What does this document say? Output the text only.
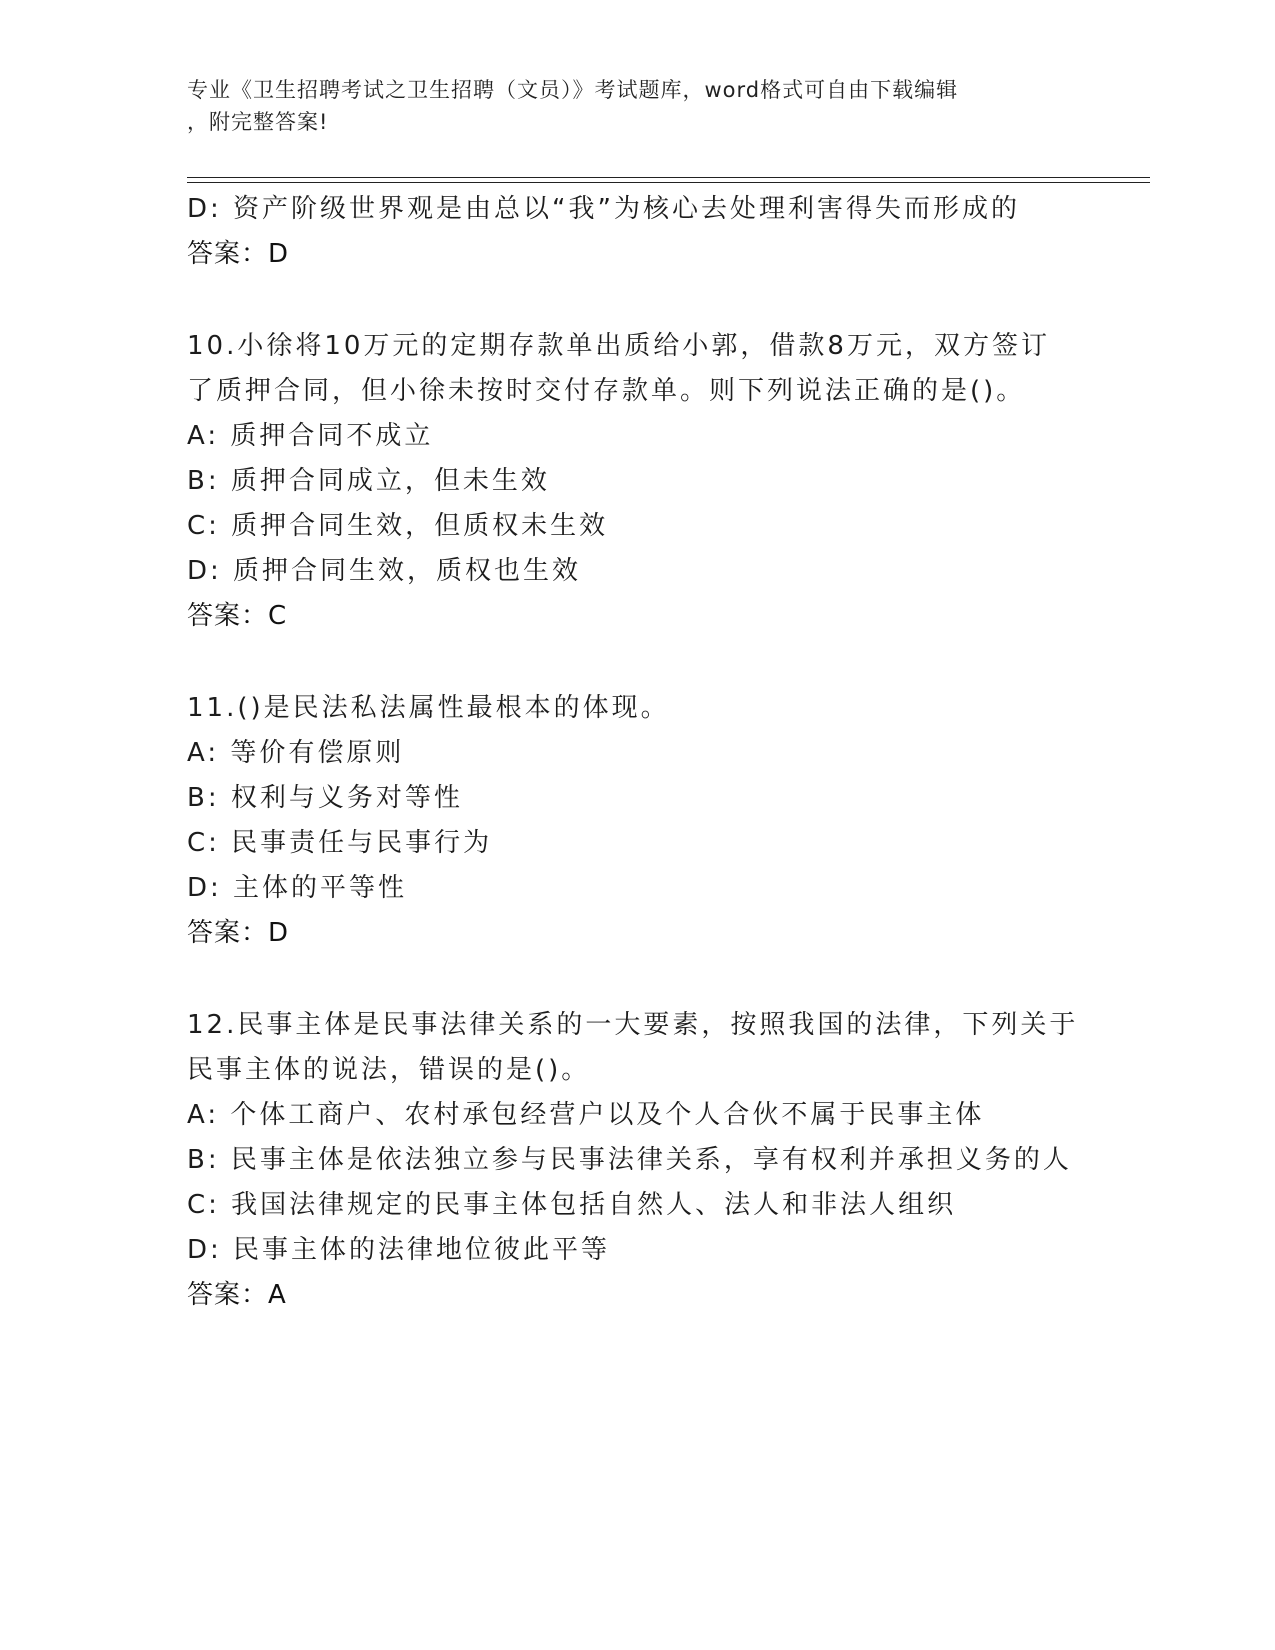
专业《卫生招聘考试之卫生招聘（文员）》考试题库，word格式可自由下载编辑
，附完整答案!
D: 资产阶级世界观是由总以“我”为核心去处理利害得失而形成的
答案：D
10.小徐将10万元的定期存款单出质给小郭，借款8万元，双方签订
了质押合同，但小徐未按时交付存款单。则下列说法正确的是()。
A: 质押合同不成立
B: 质押合同成立，但未生效
C: 质押合同生效，但质权未生效
D: 质押合同生效，质权也生效
答案：C
11.()是民法私法属性最根本的体现。
A: 等价有偿原则
B: 权利与义务对等性
C: 民事责任与民事行为
D: 主体的平等性
答案：D
12.民事主体是民事法律关系的一大要素，按照我国的法律，下列关于
民事主体的说法，错误的是()。
A: 个体工商户、农村承包经营户以及个人合伙不属于民事主体
B: 民事主体是依法独立参与民事法律关系，享有权利并承担义务的人
C: 我国法律规定的民事主体包括自然人、法人和非法人组织
D: 民事主体的法律地位彼此平等
答案：A
